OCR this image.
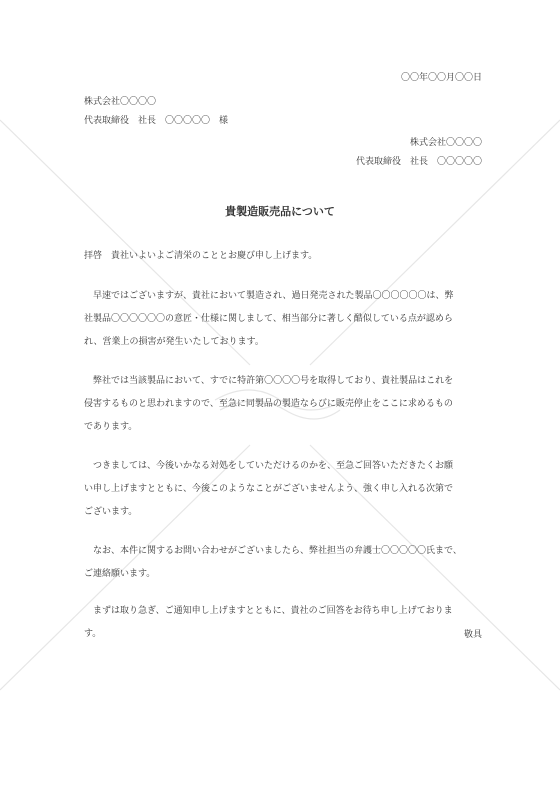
〇〇年〇〇月〇〇日
株式会社〇〇〇〇
代表取締役　社長　〇〇〇〇〇　様
株式会社〇〇〇〇
代表取締役　社長　〇〇〇〇〇
貴製造販売品について
拝啓　貴社いよいよご清栄のこととお慶び申し上げます。

早速ではございますが、貴社において製造され、過日発売された製品〇〇〇〇〇〇は、弊

社製品〇〇〇〇〇〇の意匠・仕様に関しまして、相当部分に著しく酷似している点が認めら

れ、営業上の損害が発生いたしております。

弊社では当該製品において、すでに特許第〇〇〇〇号を取得しており、貴社製品はこれを

侵害するものと思われますので、至急に同製品の製造ならびに販売停止をここに求めるもの

であります。

つきましては、今後いかなる対処をしていただけるのかを、至急ご回答いただきたくお願

い申し上げますとともに、今後このようなことがございませんよう、強く申し入れる次第で

ございます。

なお、本件に関するお問い合わせがございましたら、弊社担当の弁護士〇〇〇〇〇氏まで、

ご連絡願います。

まずは取り急ぎ、ご通知申し上げますとともに、貴社のご回答をお待ち申し上げておりま

す。	敬具
